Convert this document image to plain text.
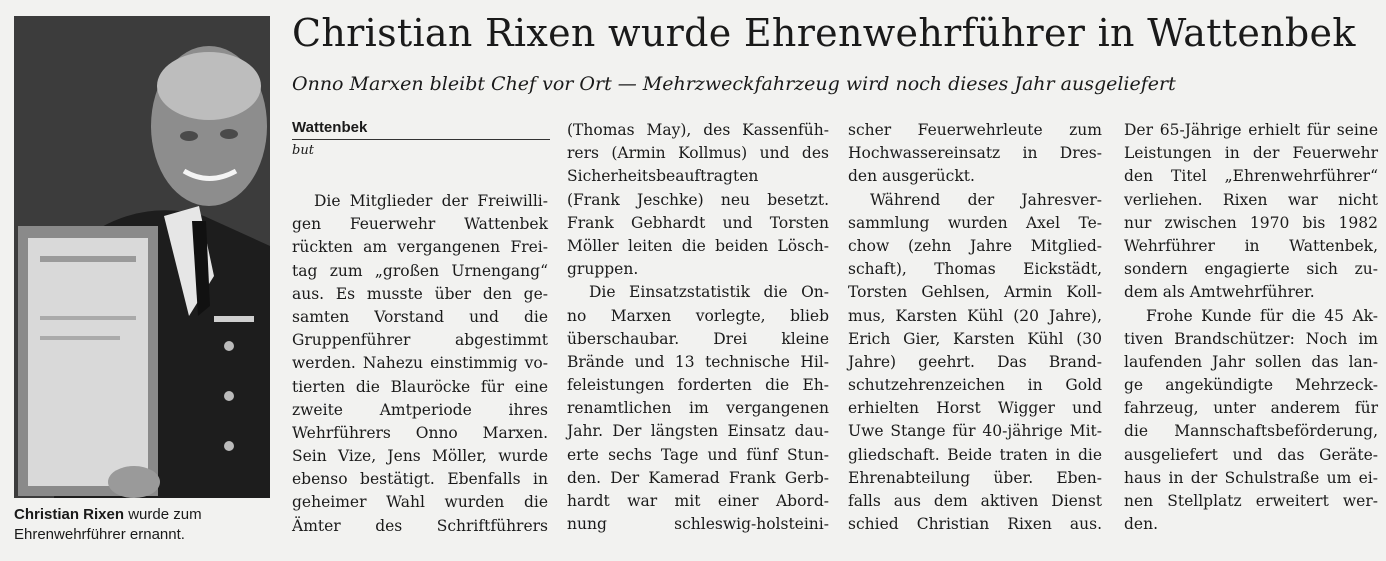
Christian Rixen wurde zum Ehrenwehrführer ernannt.
Christian Rixen wurde Ehrenwehrführer in Wattenbek
Onno Marxen bleibt Chef vor Ort — Mehrzweckfahrzeug wird noch dieses Jahr ausgeliefert
Wattenbek
but
Die Mitglieder der Freiwilli-
gen Feuerwehr Wattenbek
rückten am vergangenen Frei-
tag zum „großen Urnengang“
aus. Es musste über den ge-
samten Vorstand und die
Gruppenführer abgestimmt
werden. Nahezu einstimmig vo-
tierten die Blauröcke für eine
zweite Amtperiode ihres
Wehrführers Onno Marxen.
Sein Vize, Jens Möller, wurde
ebenso bestätigt. Ebenfalls in
geheimer Wahl wurden die
Ämter des Schriftführers
(Thomas May), des Kassenfüh-
rers (Armin Kollmus) und des
Sicherheitsbeauftragten
(Frank Jeschke) neu besetzt.
Frank Gebhardt und Torsten
Möller leiten die beiden Lösch-
gruppen.
Die Einsatzstatistik die On-
no Marxen vorlegte, blieb
überschaubar. Drei kleine
Brände und 13 technische Hil-
feleistungen forderten die Eh-
renamtlichen im vergangenen
Jahr. Der längsten Einsatz dau-
erte sechs Tage und fünf Stun-
den. Der Kamerad Frank Gerb-
hardt war mit einer Abord-
nung schleswig-holsteini-
scher Feuerwehrleute zum
Hochwassereinsatz in Dres-
den ausgerückt.
Während der Jahresver-
sammlung wurden Axel Te-
chow (zehn Jahre Mitglied-
schaft), Thomas Eickstädt,
Torsten Gehlsen, Armin Koll-
mus, Karsten Kühl (20 Jahre),
Erich Gier, Karsten Kühl (30
Jahre) geehrt. Das Brand-
schutzehrenzeichen in Gold
erhielten Horst Wigger und
Uwe Stange für 40-jährige Mit-
gliedschaft. Beide traten in die
Ehrenabteilung über. Eben-
falls aus dem aktiven Dienst
schied Christian Rixen aus.
Der 65-Jährige erhielt für seine
Leistungen in der Feuerwehr
den Titel „Ehrenwehrführer“
verliehen. Rixen war nicht
nur zwischen 1970 bis 1982
Wehrführer in Wattenbek,
sondern engagierte sich zu-
dem als Amtwehrführer.
Frohe Kunde für die 45 Ak-
tiven Brandschützer: Noch im
laufenden Jahr sollen das lan-
ge angekündigte Mehrzeck-
fahrzeug, unter anderem für
die Mannschaftsbeförderung,
ausgeliefert und das Geräte-
haus in der Schulstraße um ei-
nen Stellplatz erweitert wer-
den.
